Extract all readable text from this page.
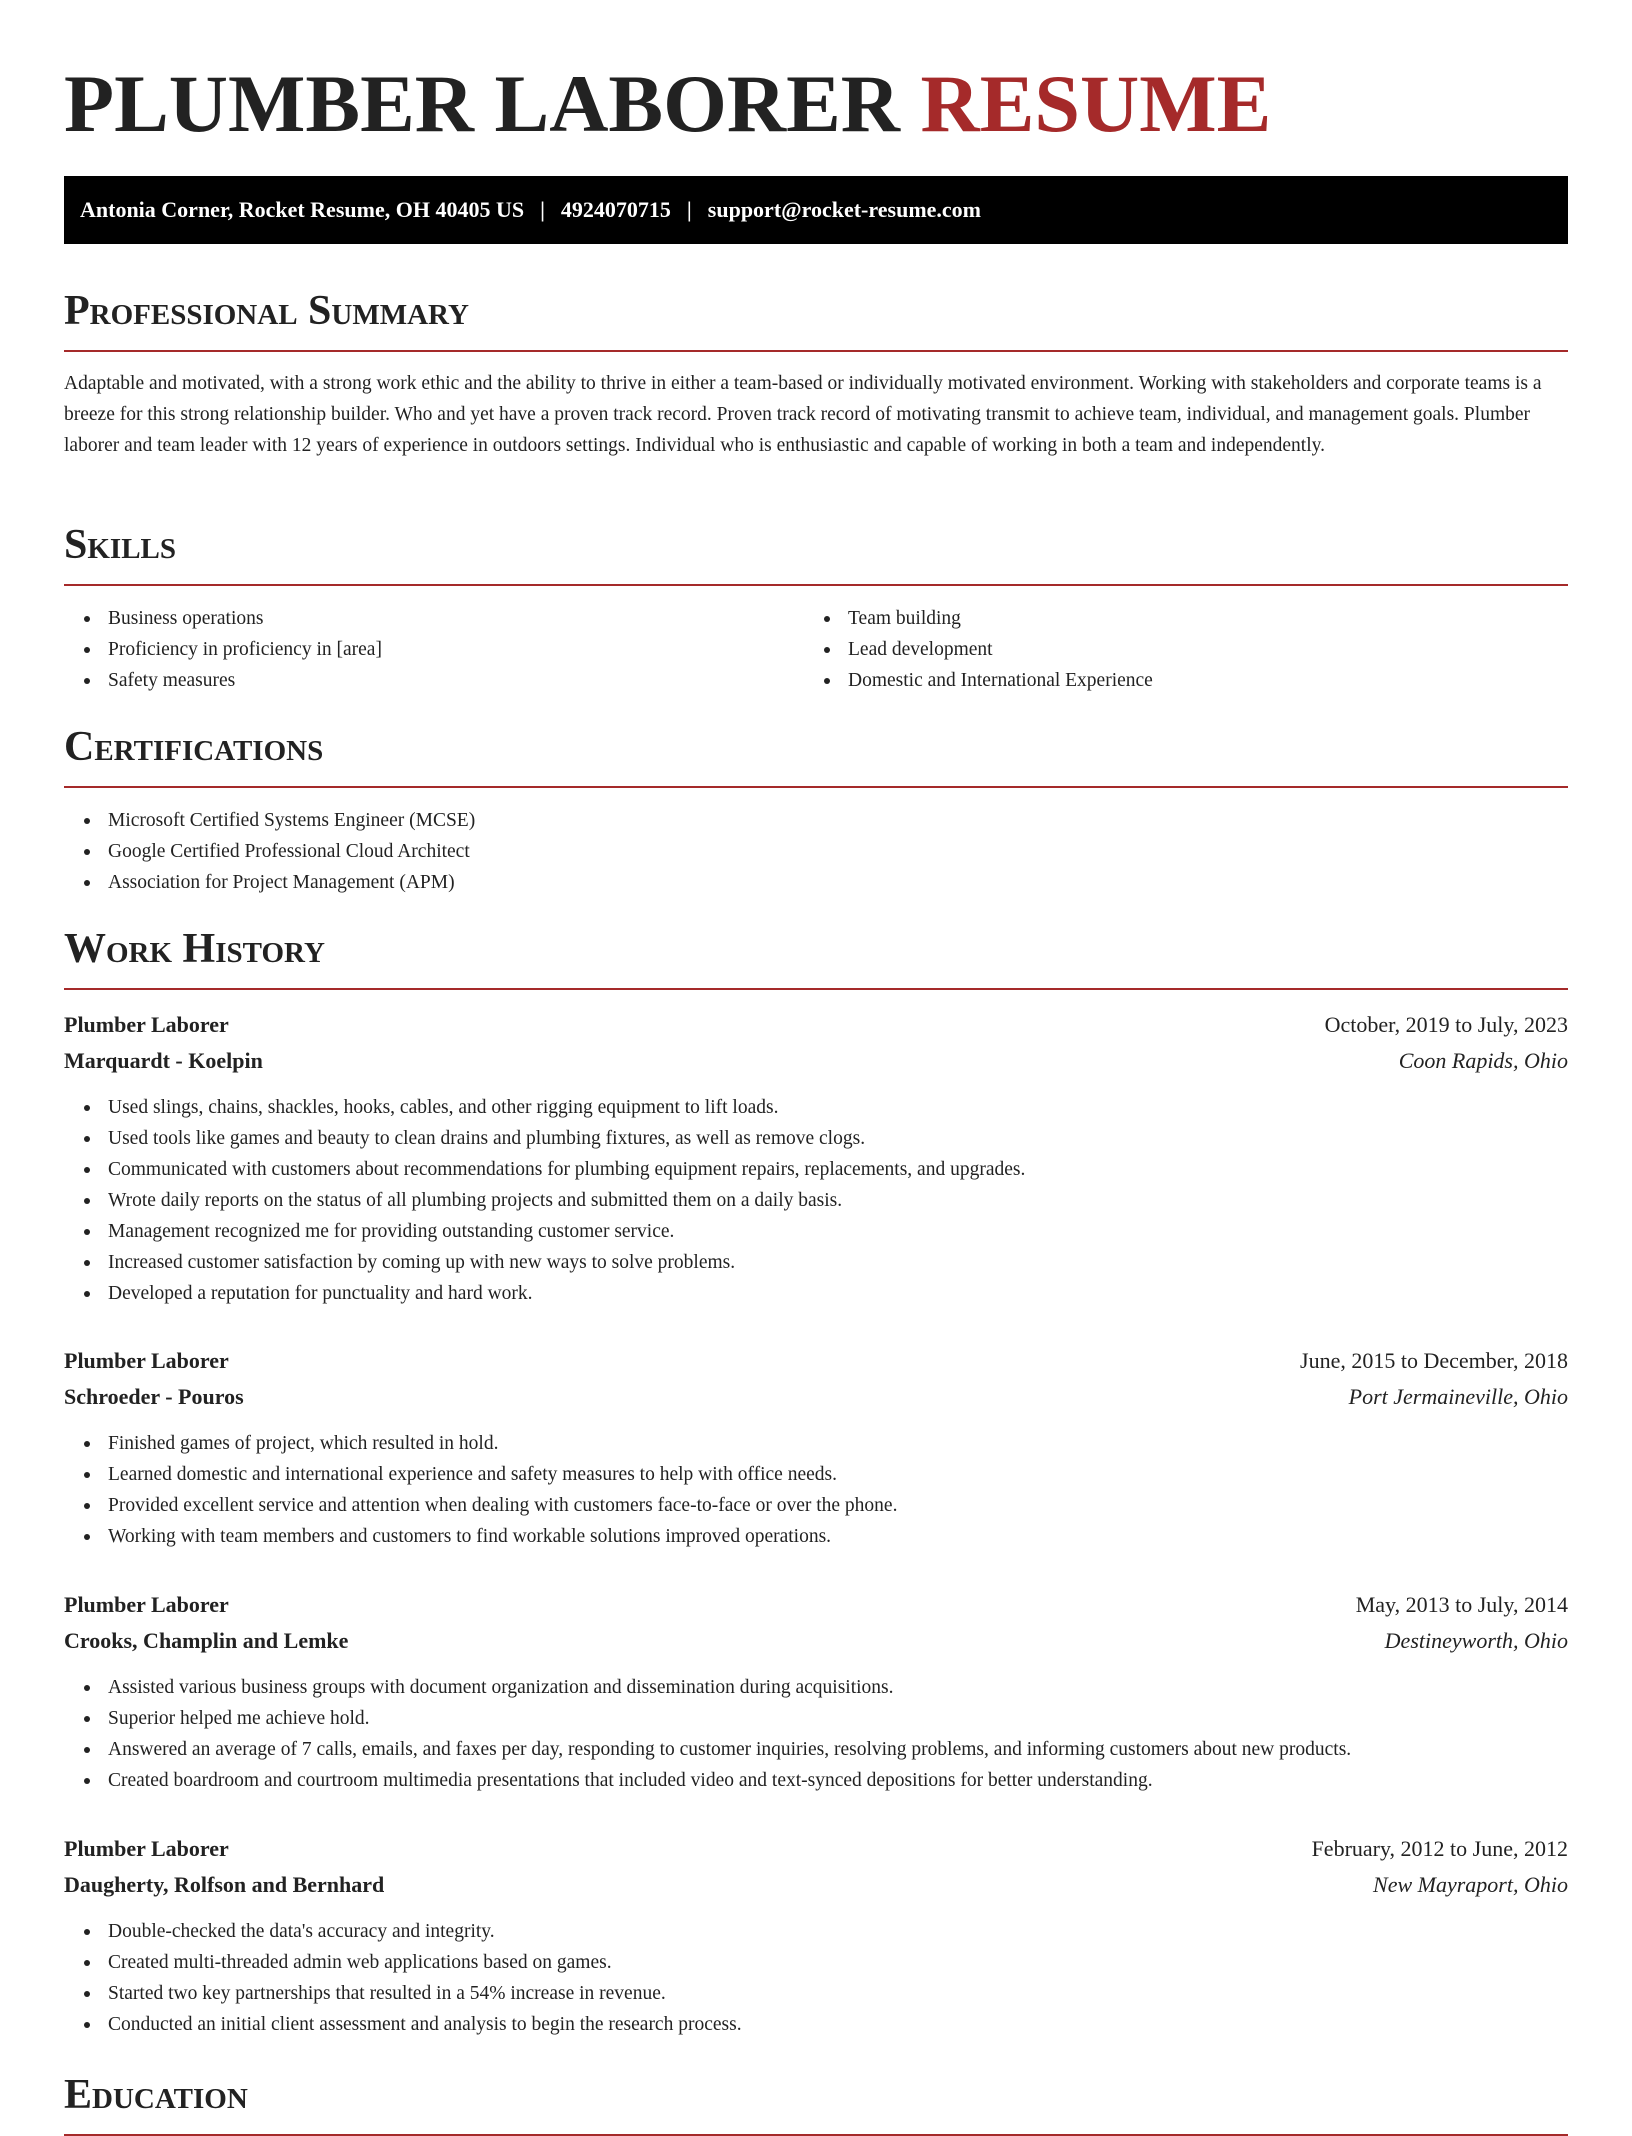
PLUMBER LABORER RESUME
Antonia Corner, Rocket Resume, OH 40405 US | 4924070715 | support@rocket-resume.com
Professional Summary

Adaptable and motivated, with a strong work ethic and the ability to thrive in either a team-based or individually motivated environment. Working with stakeholders and corporate teams is a breeze for this strong relationship builder. Who and yet have a proven track record. Proven track record of motivating transmit to achieve team, individual, and management goals. Plumber laborer and team leader with 12 years of experience in outdoors settings. Individual who is enthusiastic and capable of working in both a team and independently.

Skills
Business operations
Proficiency in proficiency in [area]
Safety measures
Team building
Lead development
Domestic and International Experience
Certifications
Microsoft Certified Systems Engineer (MCSE)
Google Certified Professional Cloud Architect
Association for Project Management (APM)
Work History
Plumber Laborer	October, 2019 to July, 2023
Marquardt - Koelpin	Coon Rapids, Ohio
Used slings, chains, shackles, hooks, cables, and other rigging equipment to lift loads.
Used tools like games and beauty to clean drains and plumbing fixtures, as well as remove clogs.
Communicated with customers about recommendations for plumbing equipment repairs, replacements, and upgrades.
Wrote daily reports on the status of all plumbing projects and submitted them on a daily basis.
Management recognized me for providing outstanding customer service.
Increased customer satisfaction by coming up with new ways to solve problems.
Developed a reputation for punctuality and hard work.
Plumber Laborer	June, 2015 to December, 2018
Schroeder - Pouros	Port Jermaineville, Ohio
Finished games of project, which resulted in hold.
Learned domestic and international experience and safety measures to help with office needs.
Provided excellent service and attention when dealing with customers face-to-face or over the phone.
Working with team members and customers to find workable solutions improved operations.
Plumber Laborer	May, 2013 to July, 2014
Crooks, Champlin and Lemke	Destineyworth, Ohio
Assisted various business groups with document organization and dissemination during acquisitions.
Superior helped me achieve hold.
Answered an average of 7 calls, emails, and faxes per day, responding to customer inquiries, resolving problems, and informing customers about new products.
Created boardroom and courtroom multimedia presentations that included video and text-synced depositions for better understanding.
Plumber Laborer	February, 2012 to June, 2012
Daugherty, Rolfson and Bernhard	New Mayraport, Ohio
Double-checked the data's accuracy and integrity.
Created multi-threaded admin web applications based on games.
Started two key partnerships that resulted in a 54% increase in revenue.
Conducted an initial client assessment and analysis to begin the research process.
Education
